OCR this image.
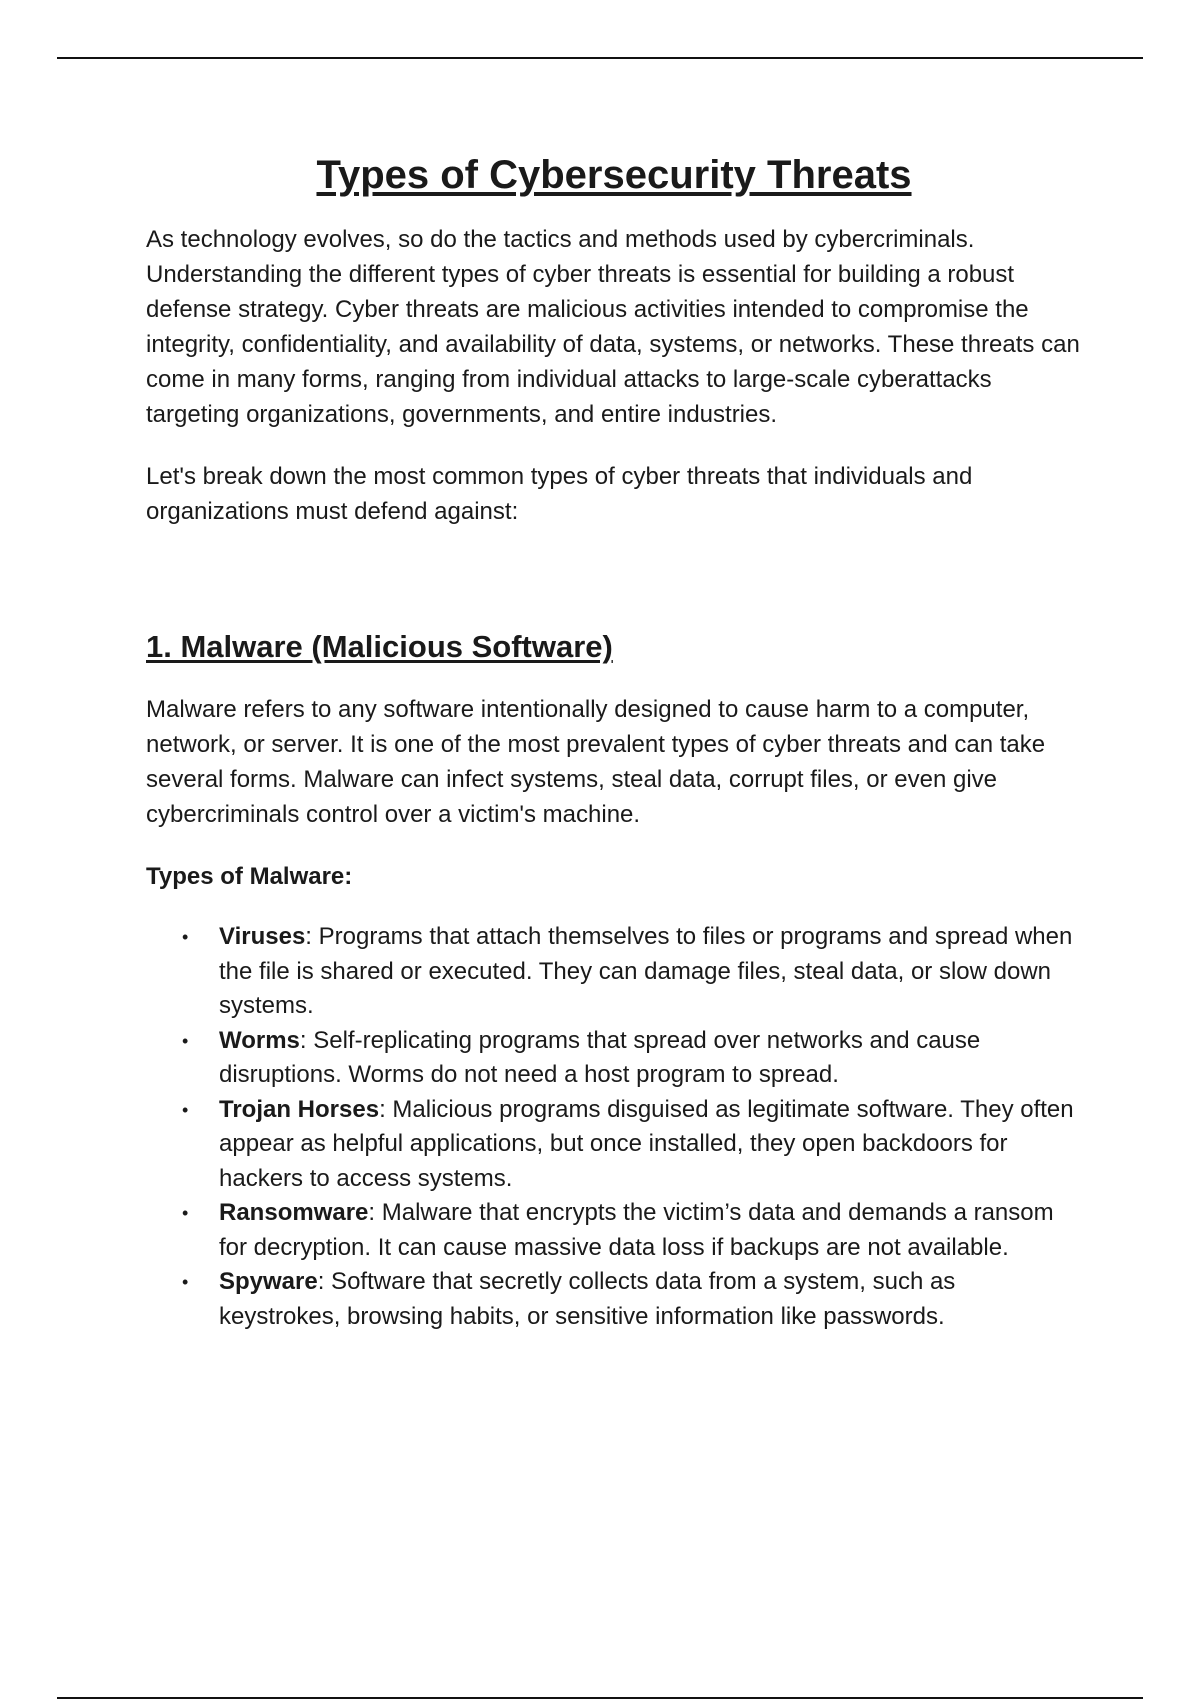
Types of Cybersecurity Threats

As technology evolves, so do the tactics and methods used by cybercriminals. Understanding the different types of cyber threats is essential for building a robust defense strategy. Cyber threats are malicious activities intended to compromise the integrity, confidentiality, and availability of data, systems, or networks. These threats can come in many forms, ranging from individual attacks to large-scale cyberattacks targeting organizations, governments, and entire industries.

Let's break down the most common types of cyber threats that individuals and organizations must defend against:

1. Malware (Malicious Software)

Malware refers to any software intentionally designed to cause harm to a computer, network, or server. It is one of the most prevalent types of cyber threats and can take several forms. Malware can infect systems, steal data, corrupt files, or even give cybercriminals control over a victim's machine.

Types of Malware:
• Viruses: Programs that attach themselves to files or programs and spread when the file is shared or executed. They can damage files, steal data, or slow down systems.
• Worms: Self-replicating programs that spread over networks and cause disruptions. Worms do not need a host program to spread.
• Trojan Horses: Malicious programs disguised as legitimate software. They often appear as helpful applications, but once installed, they open backdoors for hackers to access systems.
• Ransomware: Malware that encrypts the victim’s data and demands a ransom for decryption. It can cause massive data loss if backups are not available.
• Spyware: Software that secretly collects data from a system, such as keystrokes, browsing habits, or sensitive information like passwords.
